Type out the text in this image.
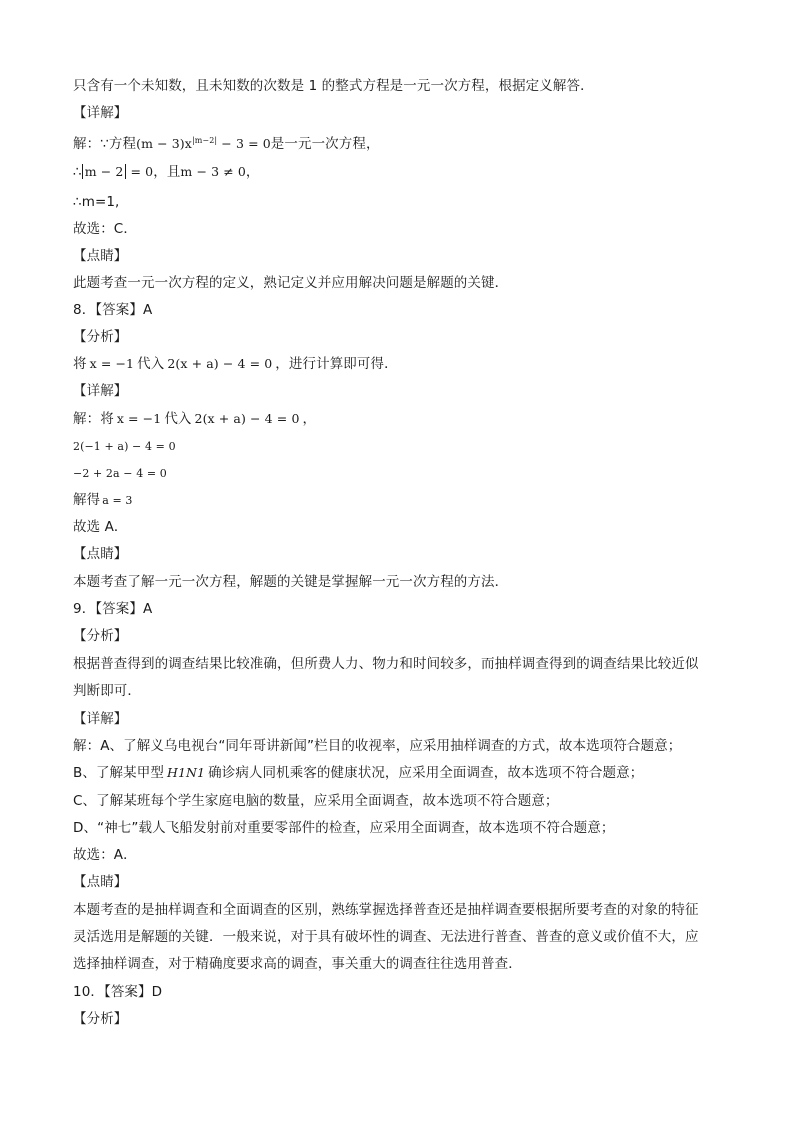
只含有一个未知数，且未知数的次数是 1 的整式方程是一元一次方程，根据定义解答．
【详解】
解：∵方程$(m - 3)x^{|m-2|} - 3 = 0$是一元一次方程，
∴ m − 2 = 0，且m − 3 ≠ 0，
∴m=1,
故选：C．
【点睛】
此题考查一元一次方程的定义，熟记定义并应用解决问题是解题的关键．
8．【答案】A
【分析】
将 x = −1 代入 2(x + a) − 4 = 0 ，进行计算即可得．
【详解】
解：将 x = −1 代入 2(x + a) − 4 = 0 ，
2(−1 + a) − 4 = 0
−2 + 2a − 4 = 0
解得 a = 3
故选 A．
【点睛】
本题考查了解一元一次方程，解题的关键是掌握解一元一次方程的方法．
9．【答案】A
【分析】
根据普查得到的调查结果比较准确，但所费人力、物力和时间较多，而抽样调查得到的调查结果比较近似
判断即可．
【详解】
解：A、了解义乌电视台“同年哥讲新闻”栏目的收视率，应采用抽样调查的方式，故本选项符合题意；
B、了解某甲型 H1N1 确诊病人同机乘客的健康状况，应采用全面调查，故本选项不符合题意；
C、了解某班每个学生家庭电脑的数量，应采用全面调查，故本选项不符合题意；
D、“神七”载人飞船发射前对重要零部件的检查，应采用全面调查，故本选项不符合题意；
故选：A．
【点睛】
本题考查的是抽样调查和全面调查的区别，熟练掌握选择普查还是抽样调查要根据所要考查的对象的特征
灵活选用是解题的关键．一般来说，对于具有破坏性的调查、无法进行普查、普查的意义或价值不大，应
选择抽样调查，对于精确度要求高的调查，事关重大的调查往往选用普查．
10．【答案】D
【分析】
